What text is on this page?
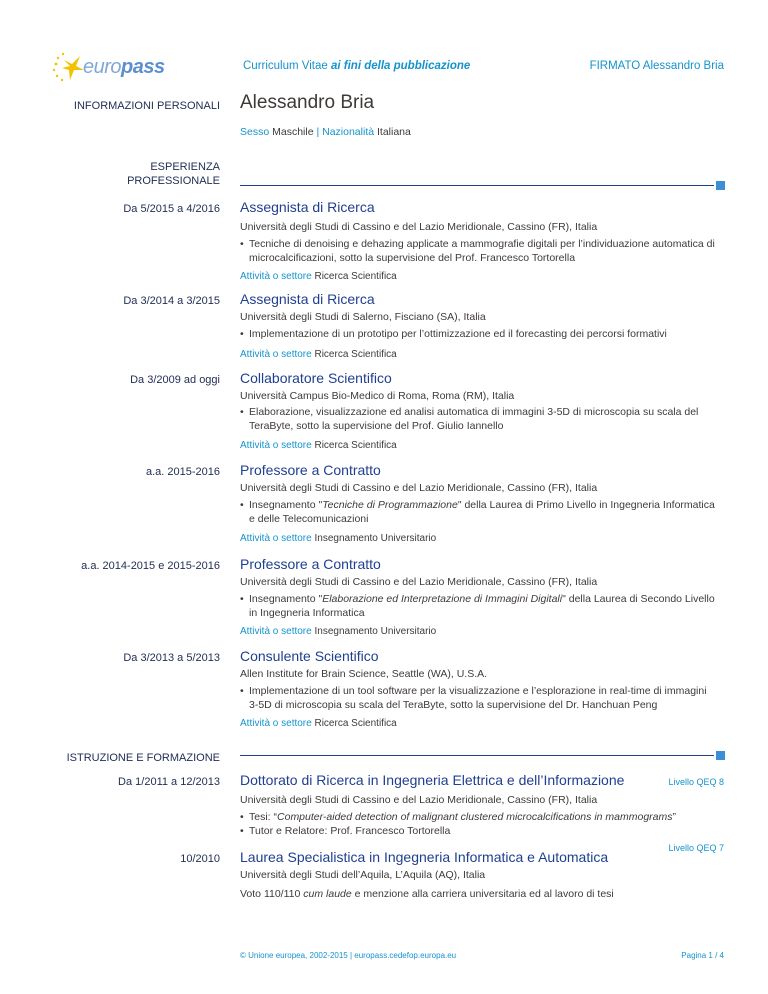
europass	Curriculum Vitae ai fini della pubblicazione	FIRMATO Alessandro Bria
INFORMAZIONI PERSONALI Alessandro Bria
Sesso Maschile | Nazionalità Italiana
ESPERIENZA
PROFESSIONALE
Da 5/2015 a 4/2016 Assegnista di Ricerca
Università degli Studi di Cassino e del Lazio Meridionale, Cassino (FR), Italia
• Tecniche di denoising e dehazing applicate a mammografie digitali per l’individuazione automatica di
microcalcificazioni, sotto la supervisione del Prof. Francesco Tortorella
Attività o settore Ricerca Scientifica
Da 3/2014 a 3/2015 Assegnista di Ricerca
Università degli Studi di Salerno, Fisciano (SA), Italia
• Implementazione di un prototipo per l’ottimizzazione ed il forecasting dei percorsi formativi
Attività o settore Ricerca Scientifica
Da 3/2009 ad oggi Collaboratore Scientifico
Università Campus Bio-Medico di Roma, Roma (RM), Italia
• Elaborazione, visualizzazione ed analisi automatica di immagini 3-5D di microscopia su scala del
TeraByte, sotto la supervisione del Prof. Giulio Iannello
Attività o settore Ricerca Scientifica
a.a. 2015-2016 Professore a Contratto
Università degli Studi di Cassino e del Lazio Meridionale, Cassino (FR), Italia
• Insegnamento "Tecniche di Programmazione" della Laurea di Primo Livello in Ingegneria Informatica
e delle Telecomunicazioni
Attività o settore Insegnamento Universitario
a.a. 2014-2015 e 2015-2016 Professore a Contratto
Università degli Studi di Cassino e del Lazio Meridionale, Cassino (FR), Italia
• Insegnamento "Elaborazione ed Interpretazione di Immagini Digitali" della Laurea di Secondo Livello
in Ingegneria Informatica
Attività o settore Insegnamento Universitario
Da 3/2013 a 5/2013 Consulente Scientifico
Allen Institute for Brain Science, Seattle (WA), U.S.A.
• Implementazione di un tool software per la visualizzazione e l’esplorazione in real-time di immagini
3-5D di microscopia su scala del TeraByte, sotto la supervisione del Dr. Hanchuan Peng
Attività o settore Ricerca Scientifica
ISTRUZIONE E FORMAZIONE
Da 1/2011 a 12/2013 Dottorato di Ricerca in Ingegneria Elettrica e dell’Informazione	Livello QEQ 8
Università degli Studi di Cassino e del Lazio Meridionale, Cassino (FR), Italia
• Tesi: “Computer-aided detection of malignant clustered microcalcifications in mammograms”
• Tutor e Relatore: Prof. Francesco Tortorella
Livello QEQ 7
10/2010 Laurea Specialistica in Ingegneria Informatica e Automatica
Università degli Studi dell’Aquila, L’Aquila (AQ), Italia
Voto 110/110 cum laude e menzione alla carriera universitaria ed al lavoro di tesi
© Unione europea, 2002-2015 | europass.cedefop.europa.eu	Pagina 1 / 4
